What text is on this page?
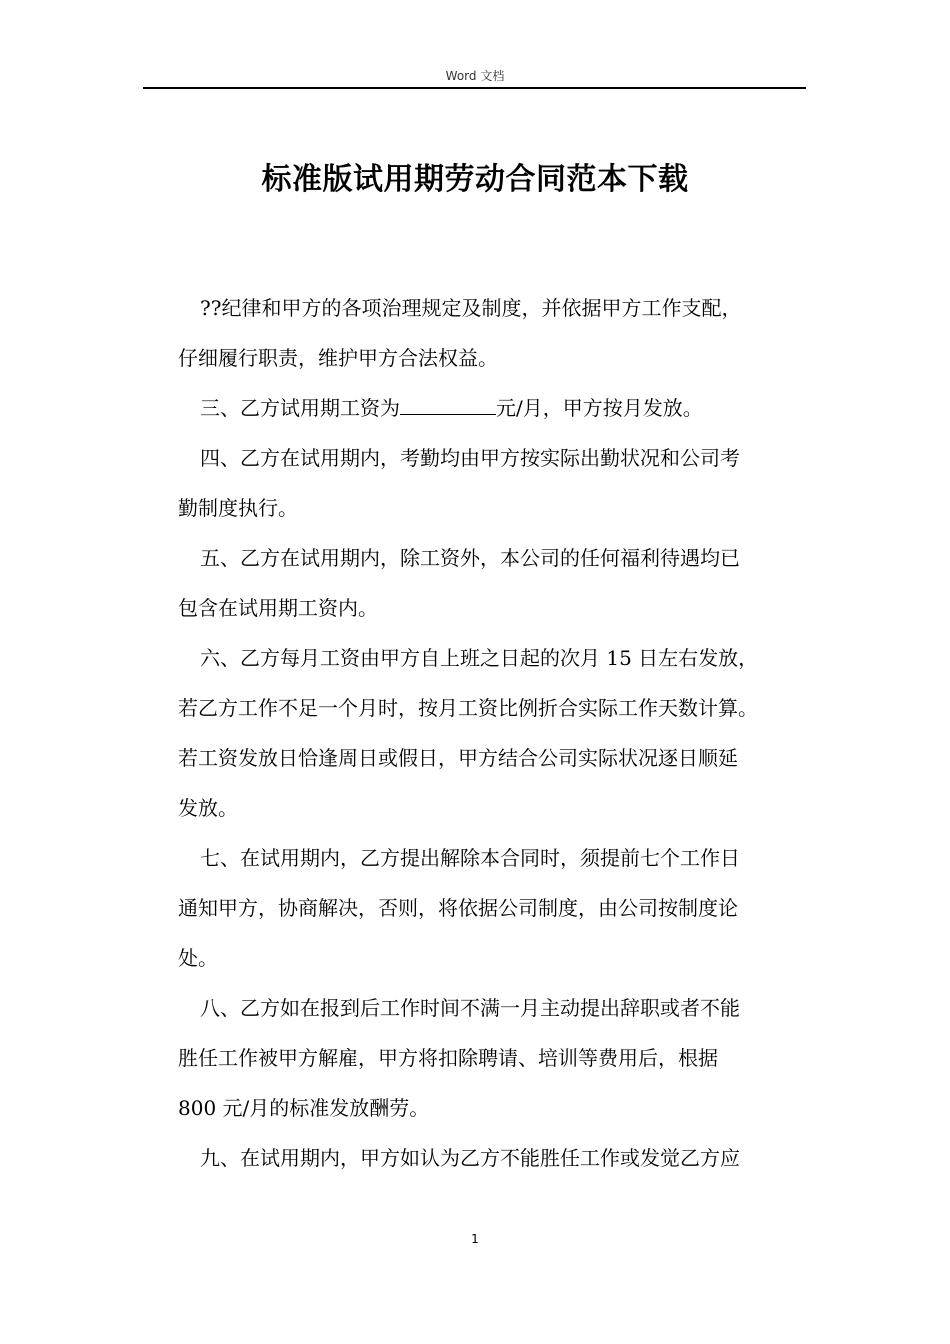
Word 文档
标准版试用期劳动合同范本下载
??纪律和甲方的各项治理规定及制度，并依据甲方工作支配，
仔细履行职责，维护甲方合法权益。
三、乙方试用期工资为	元/月，甲方按月发放。
四、乙方在试用期内，考勤均由甲方按实际出勤状况和公司考
勤制度执行。
五、乙方在试用期内，除工资外，本公司的任何福利待遇均已
包含在试用期工资内。
六、乙方每月工资由甲方自上班之日起的次月 15 日左右发放，
若乙方工作不足一个月时，按月工资比例折合实际工作天数计算。
若工资发放日恰逢周日或假日，甲方结合公司实际状况逐日顺延
发放。
七、在试用期内，乙方提出解除本合同时，须提前七个工作日
通知甲方，协商解决，否则，将依据公司制度，由公司按制度论
处。
八、乙方如在报到后工作时间不满一月主动提出辞职或者不能
胜任工作被甲方解雇，甲方将扣除聘请、培训等费用后，根据
800 元/月的标准发放酬劳。
九、在试用期内，甲方如认为乙方不能胜任工作或发觉乙方应
1
